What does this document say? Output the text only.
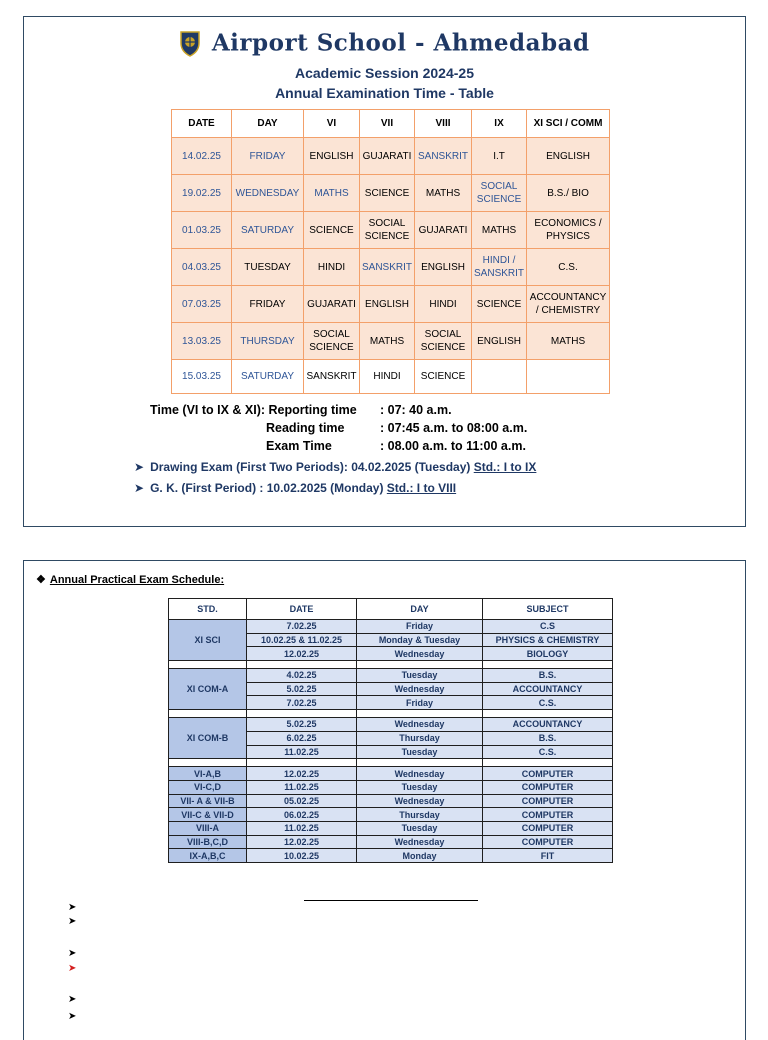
Airport School - Ahmedabad
Academic Session 2024-25
Annual Examination Time - Table
DATE	DAY	VI	VII	VIII	IX	XI SCI / COMM
14.02.25	FRIDAY	ENGLISH	GUJARATI	SANSKRIT	I.T	ENGLISH
19.02.25	WEDNESDAY	MATHS	SCIENCE	MATHS	SOCIAL SCIENCE	B.S./ BIO
01.03.25	SATURDAY	SCIENCE	SOCIAL SCIENCE	GUJARATI	MATHS	ECONOMICS / PHYSICS
04.03.25	TUESDAY	HINDI	SANSKRIT	ENGLISH	HINDI / SANSKRIT	C.S.
07.03.25	FRIDAY	GUJARATI	ENGLISH	HINDI	SCIENCE	ACCOUNTANCY / CHEMISTRY
13.03.25	THURSDAY	SOCIAL SCIENCE	MATHS	SOCIAL SCIENCE	ENGLISH	MATHS
15.03.25	SATURDAY	SANSKRIT	HINDI	SCIENCE		
Time (VI to IX & XI): Reporting time : 07: 40 a.m.
Reading time	: 07:45 a.m. to 08:00 a.m.
Exam Time	: 08.00 a.m. to 11:00 a.m.
➤ Drawing Exam (First Two Periods): 04.02.2025 (Tuesday) Std.: I to IX
➤ G. K. (First Period) : 10.02.2025 (Monday) Std.: I to VIII
❖ Annual Practical Exam Schedule:
STD.	DATE	DAY	SUBJECT
XI SCI	7.02.25	Friday	C.S
	10.02.25 & 11.02.25	Monday & Tuesday	PHYSICS & CHEMISTRY
	12.02.25	Wednesday	BIOLOGY

XI COM-A	4.02.25	Tuesday	B.S.
	5.02.25	Wednesday	ACCOUNTANCY
	7.02.25	Friday	C.S.

XI COM-B	5.02.25	Wednesday	ACCOUNTANCY
	6.02.25	Thursday	B.S.
	11.02.25	Tuesday	C.S.

VI-A,B	12.02.25	Wednesday	COMPUTER
VI-C,D	11.02.25	Tuesday	COMPUTER
VII- A & VII-B	05.02.25	Wednesday	COMPUTER
VII-C & VII-D	06.02.25	Thursday	COMPUTER
VIII-A	11.02.25	Tuesday	COMPUTER
VIII-B,C,D	12.02.25	Wednesday	COMPUTER
IX-A,B,C	10.02.25	Monday	FIT
➤
➤
➤
➤
➤
➤
